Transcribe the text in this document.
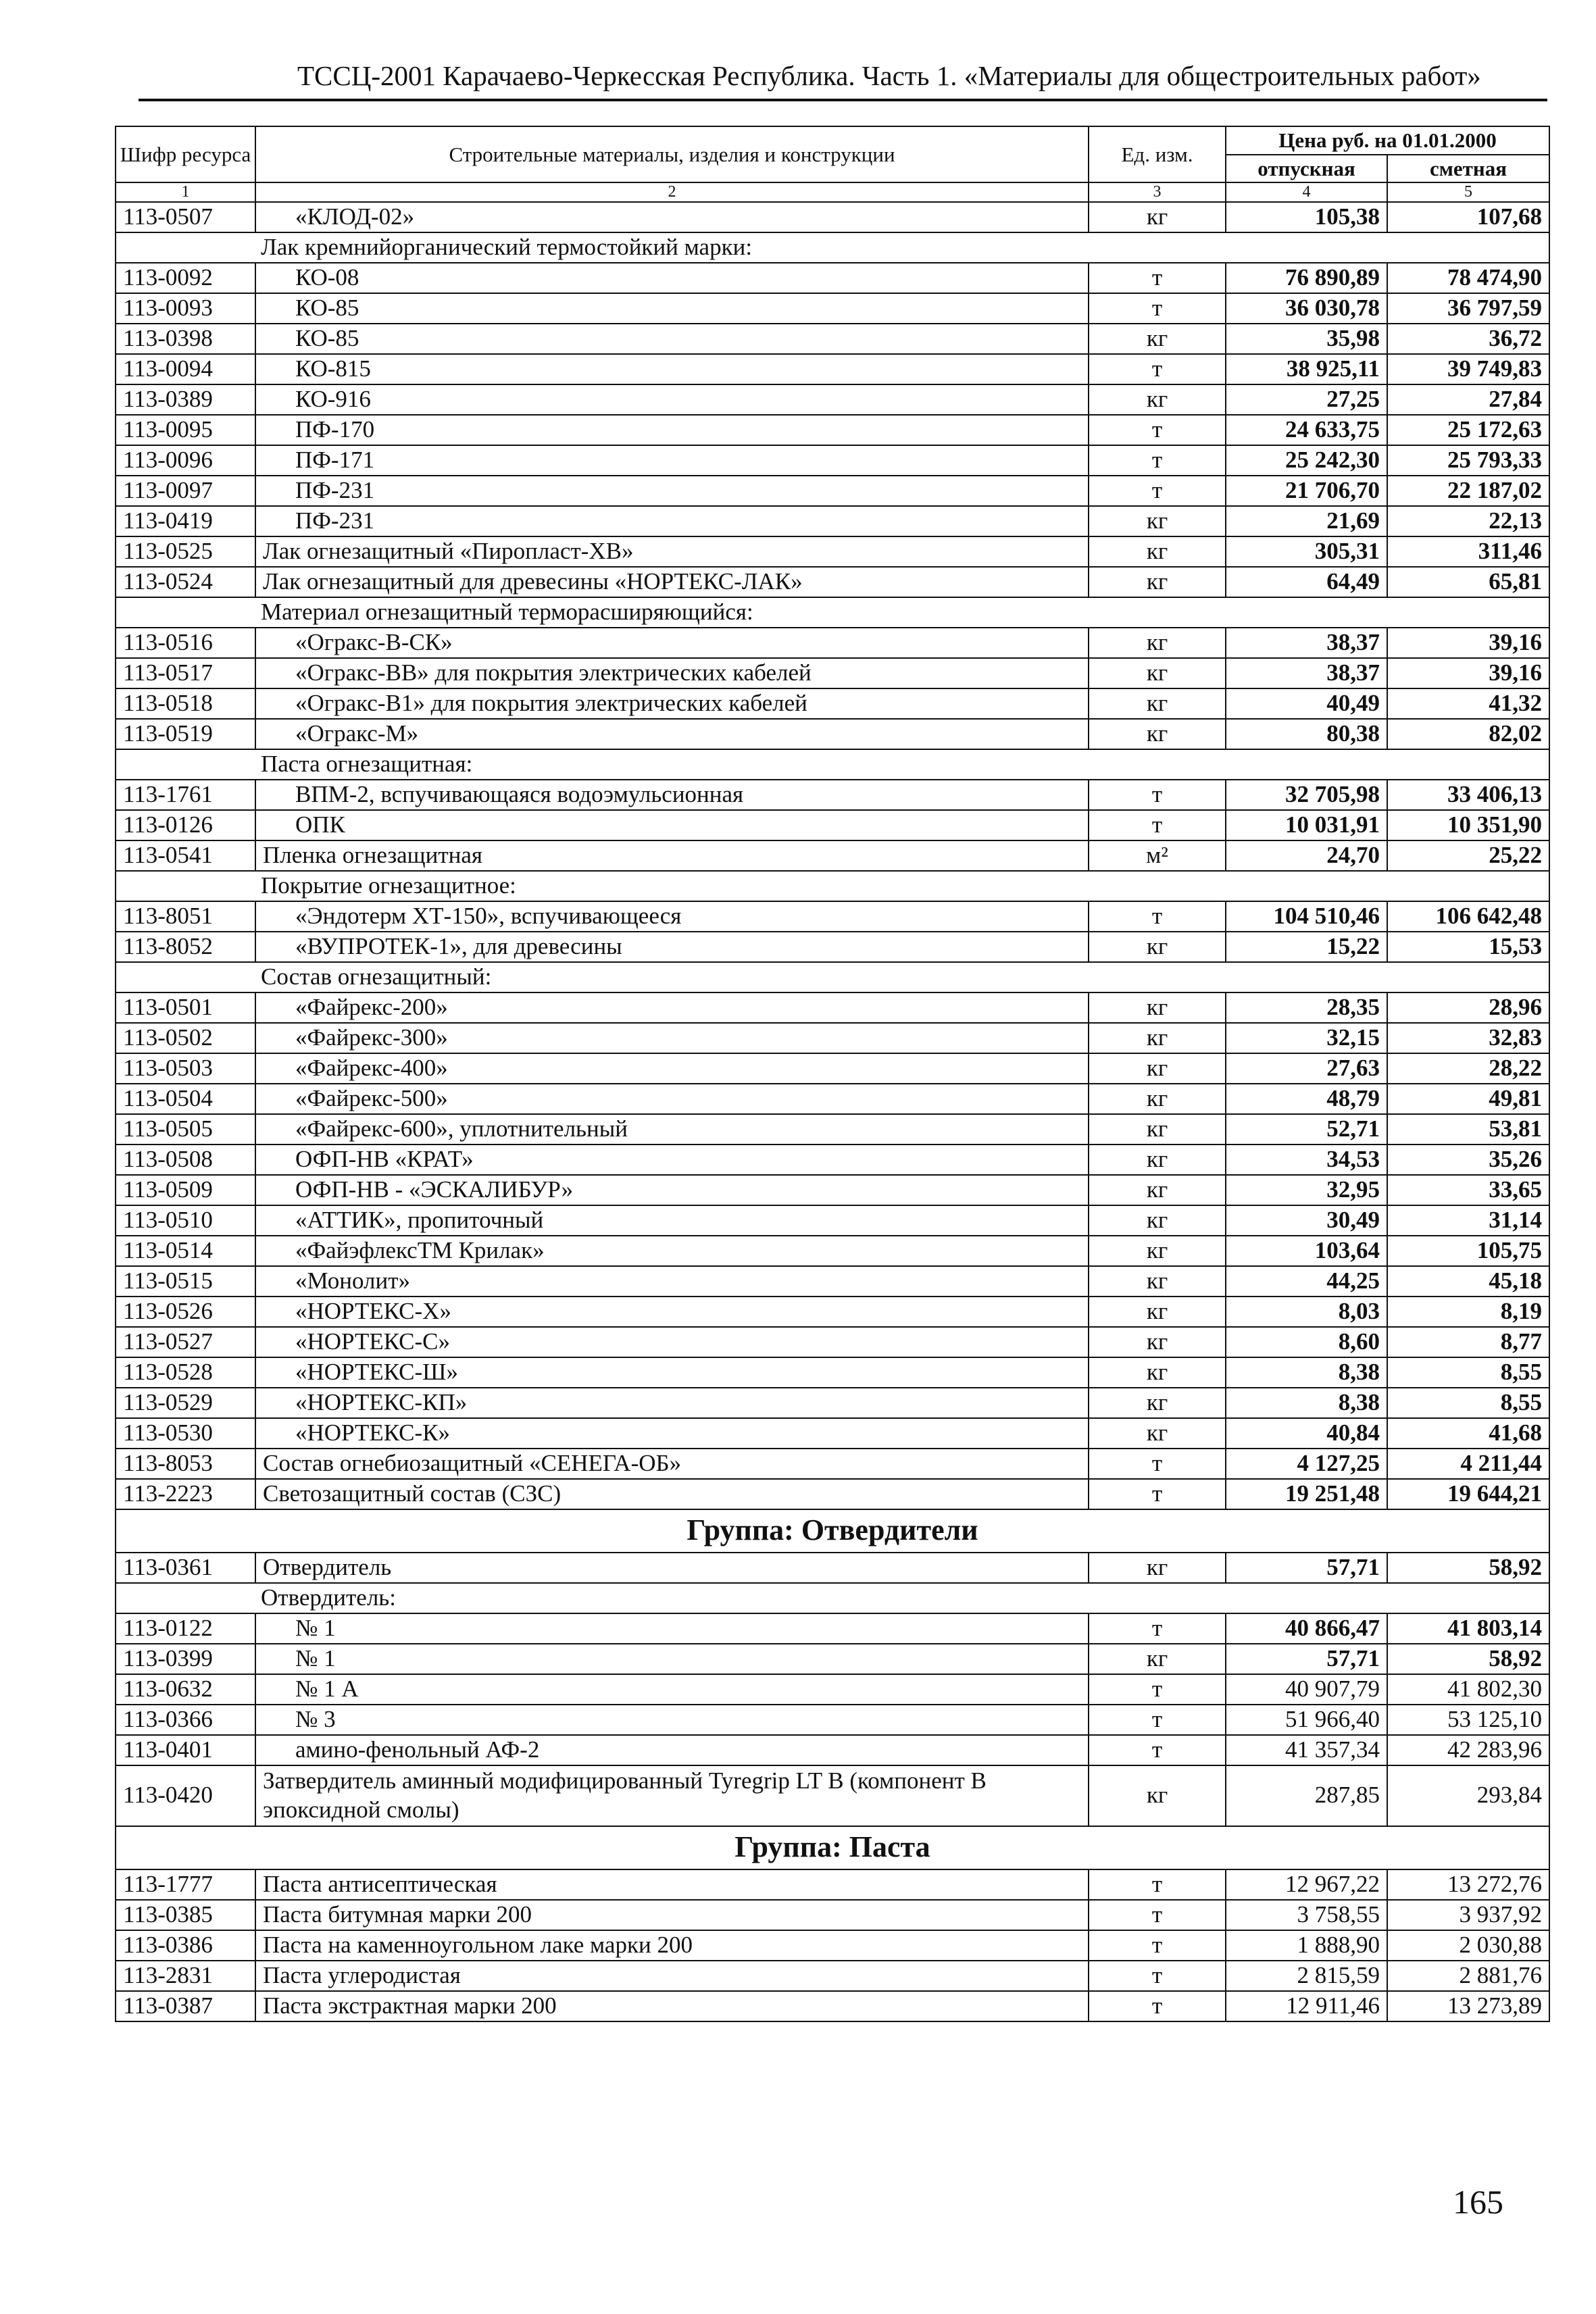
ТССЦ-2001 Карачаево-Черкесская Республика. Часть 1. «Материалы для общестроительных работ»
Шифр ресурса	Строительные материалы, изделия и конструкции	Ед. изм.	Цена руб. на 01.01.2000	
			отпускная	сметная
1	2	3	4	5
113-0507	«КЛОД-02»	кг	105,38	107,68
Лак кремнийорганический термостойкий марки:				
113-0092	КО-08	т	76 890,89	78 474,90
113-0093	КО-85	т	36 030,78	36 797,59
113-0398	КО-85	кг	35,98	36,72
113-0094	КО-815	т	38 925,11	39 749,83
113-0389	КО-916	кг	27,25	27,84
113-0095	ПФ-170	т	24 633,75	25 172,63
113-0096	ПФ-171	т	25 242,30	25 793,33
113-0097	ПФ-231	т	21 706,70	22 187,02
113-0419	ПФ-231	кг	21,69	22,13
113-0525	Лак огнезащитный «Пиропласт-ХВ»	кг	305,31	311,46
113-0524	Лак огнезащитный для древесины «НОРТЕКС-ЛАК»	кг	64,49	65,81
Материал огнезащитный терморасширяющийся:				
113-0516	«Огракс-В-СК»	кг	38,37	39,16
113-0517	«Огракс-ВВ» для покрытия электрических кабелей	кг	38,37	39,16
113-0518	«Огракс-В1» для покрытия электрических кабелей	кг	40,49	41,32
113-0519	«Огракс-М»	кг	80,38	82,02
Паста огнезащитная:				
113-1761	ВПМ-2, вспучивающаяся водоэмульсионная	т	32 705,98	33 406,13
113-0126	ОПК	т	10 031,91	10 351,90
113-0541	Пленка огнезащитная	м²	24,70	25,22
Покрытие огнезащитное:				
113-8051	«Эндотерм ХТ-150», вспучивающееся	т	104 510,46	106 642,48
113-8052	«ВУПРОТЕК-1», для древесины	кг	15,22	15,53
Состав огнезащитный:				
113-0501	«Файрекс-200»	кг	28,35	28,96
113-0502	«Файрекс-300»	кг	32,15	32,83
113-0503	«Файрекс-400»	кг	27,63	28,22
113-0504	«Файрекс-500»	кг	48,79	49,81
113-0505	«Файрекс-600», уплотнительный	кг	52,71	53,81
113-0508	ОФП-НВ «КРАТ»	кг	34,53	35,26
113-0509	ОФП-НВ - «ЭСКАЛИБУР»	кг	32,95	33,65
113-0510	«АТТИК», пропиточный	кг	30,49	31,14
113-0514	«ФайэфлексТМ Крилак»	кг	103,64	105,75
113-0515	«Монолит»	кг	44,25	45,18
113-0526	«НОРТЕКС-Х»	кг	8,03	8,19
113-0527	«НОРТЕКС-С»	кг	8,60	8,77
113-0528	«НОРТЕКС-Ш»	кг	8,38	8,55
113-0529	«НОРТЕКС-КП»	кг	8,38	8,55
113-0530	«НОРТЕКС-К»	кг	40,84	41,68
113-8053	Состав огнебиозащитный «СЕНЕГА-ОБ»	т	4 127,25	4 211,44
113-2223	Светозащитный состав (СЗС)	т	19 251,48	19 644,21
Группа: Отвердители				
113-0361	Отвердитель	кг	57,71	58,92
Отвердитель:				
113-0122	№ 1	т	40 866,47	41 803,14
113-0399	№ 1	кг	57,71	58,92
113-0632	№ 1 А	т	40 907,79	41 802,30
113-0366	№ 3	т	51 966,40	53 125,10
113-0401	амино-фенольный АФ-2	т	41 357,34	42 283,96
113-0420	Затвердитель аминный модифицированный Tyregrip LT B (компонент В эпоксидной смолы)	кг	287,85	293,84
Группа: Паста				
113-1777	Паста антисептическая	т	12 967,22	13 272,76
113-0385	Паста битумная марки 200	т	3 758,55	3 937,92
113-0386	Паста на каменноугольном лаке марки 200	т	1 888,90	2 030,88
113-2831	Паста углеродистая	т	2 815,59	2 881,76
113-0387	Паста экстрактная марки 200	т	12 911,46	13 273,89
165
